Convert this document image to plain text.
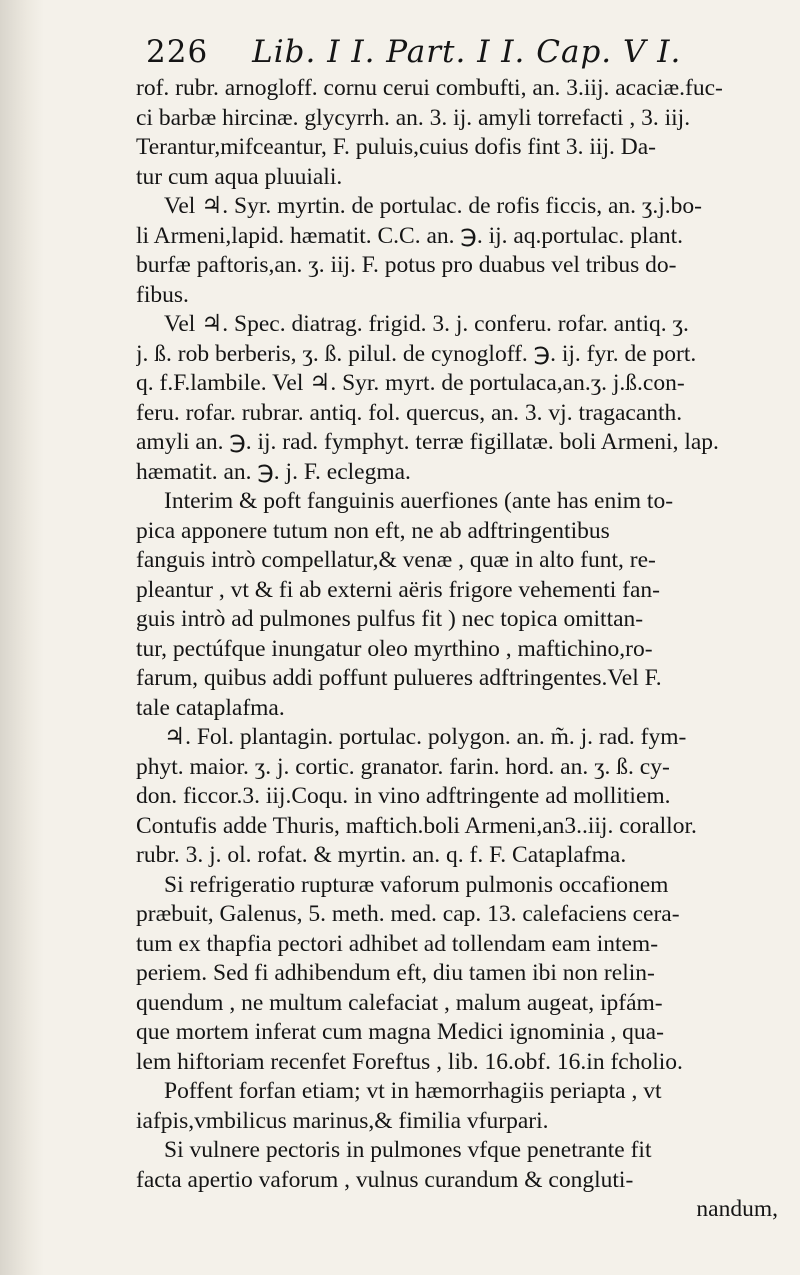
226 Lib. I I. Part. I I. Cap. V I.
rof. rubr. arnogloff. cornu cerui combufti, an. 3.iij. acaciæ.fuc-
ci barbæ hircinæ. glycyrrh. an. 3. ij. amyli torrefacti , 3. iij.
Terantur,mifceantur, F. puluis,cuius dofis fint 3. iij. Da-
tur cum aqua pluuiali.
Vel ♃. Syr. myrtin. de portulac. de rofis ficcis, an. ʒ.j.bo-
li Armeni,lapid. hæmatit. C.C. an. ℈. ij. aq.portulac. plant.
burfæ paftoris,an. ʒ. iij. F. potus pro duabus vel tribus do-
fibus.
Vel ♃. Spec. diatrag. frigid. 3. j. conferu. rofar. antiq. ʒ.
j. ß. rob berberis, ʒ. ß. pilul. de cynogloff. ℈. ij. fyr. de port.
q. f.F.lambile. Vel ♃. Syr. myrt. de portulaca,an.ʒ. j.ß.con-
feru. rofar. rubrar. antiq. fol. quercus, an. 3. vj. tragacanth.
amyli an. ℈. ij. rad. fymphyt. terræ figillatæ. boli Armeni, lap.
hæmatit. an. ℈. j. F. eclegma.
Interim & poft fanguinis auerfiones (ante has enim to-
pica apponere tutum non eft, ne ab adftringentibus
fanguis intrò compellatur,& venæ , quæ in alto funt, re-
pleantur , vt & fi ab externi aëris frigore vehementi fan-
guis intrò ad pulmones pulfus fit ) nec topica omittan-
tur, pectúfque inungatur oleo myrthino , maftichino,ro-
farum, quibus addi poffunt pulueres adftringentes.Vel F.
tale cataplafma.
♃. Fol. plantagin. portulac. polygon. an. m̃. j. rad. fym-
phyt. maior. ʒ. j. cortic. granator. farin. hord. an. ʒ. ß. cy-
don. ficcor.3. iij.Coqu. in vino adftringente ad mollitiem.
Contufis adde Thuris, maftich.boli Armeni,an3..iij. corallor.
rubr. 3. j. ol. rofat. & myrtin. an. q. f. F. Cataplafma.
Si refrigeratio rupturæ vaforum pulmonis occafionem
præbuit, Galenus, 5. meth. med. cap. 13. calefaciens cera-
tum ex thapfia pectori adhibet ad tollendam eam intem-
periem. Sed fi adhibendum eft, diu tamen ibi non relin-
quendum , ne multum calefaciat , malum augeat, ipfám-
que mortem inferat cum magna Medici ignominia , qua-
lem hiftoriam recenfet Foreftus , lib. 16.obf. 16.in fcholio.
Poffent forfan etiam; vt in hæmorrhagiis periapta , vt
iafpis,vmbilicus marinus,& fimilia vfurpari.
Si vulnere pectoris in pulmones vfque penetrante fit
facta apertio vaforum , vulnus curandum & congluti-
nandum,
